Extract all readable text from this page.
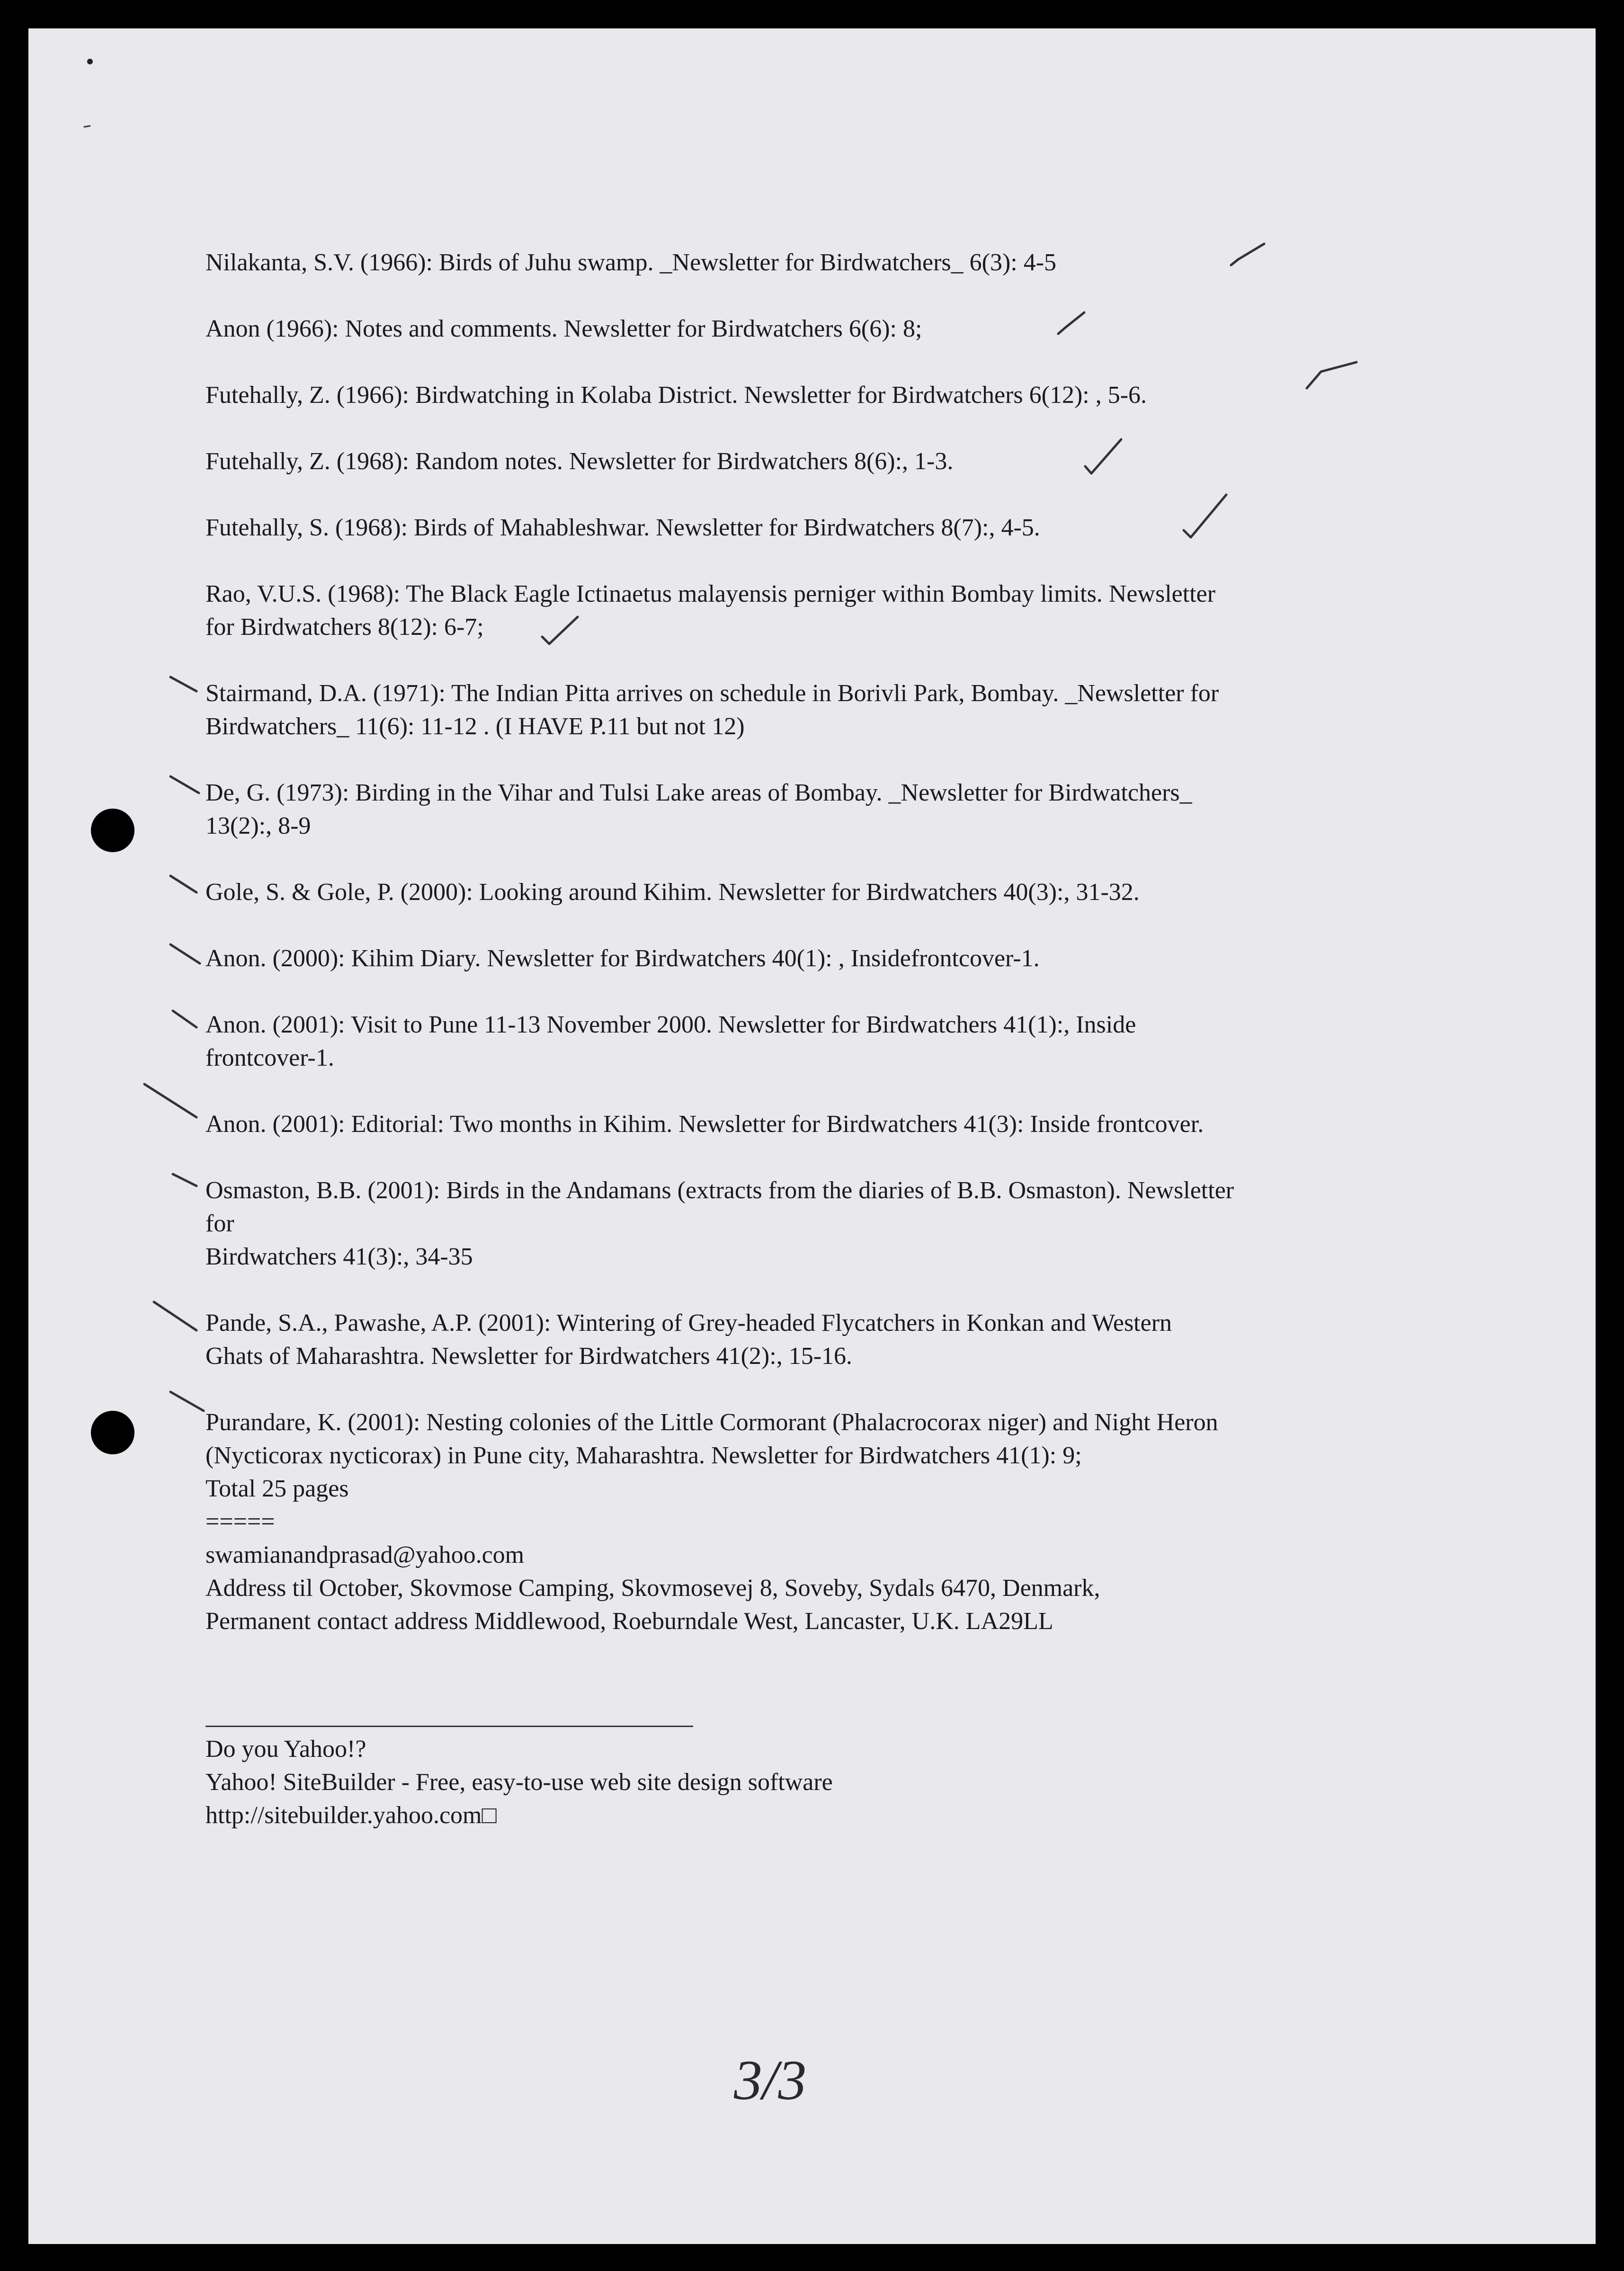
Nilakanta, S.V. (1966): Birds of Juhu swamp. _Newsletter for Birdwatchers_ 6(3): 4-5
Anon (1966): Notes and comments. Newsletter for Birdwatchers 6(6): 8;
Futehally, Z. (1966): Birdwatching in Kolaba District. Newsletter for Birdwatchers 6(12): , 5-6.
Futehally, Z. (1968): Random notes. Newsletter for Birdwatchers 8(6):, 1-3.
Futehally, S. (1968): Birds of Mahableshwar. Newsletter for Birdwatchers 8(7):, 4-5.
Rao, V.U.S. (1968): The Black Eagle Ictinaetus malayensis perniger within Bombay limits. Newsletter
for Birdwatchers 8(12): 6-7;
Stairmand, D.A. (1971): The Indian Pitta arrives on schedule in Borivli Park, Bombay. _Newsletter for
Birdwatchers_ 11(6): 11-12 . (I HAVE P.11 but not 12)
De, G. (1973): Birding in the Vihar and Tulsi Lake areas of Bombay. _Newsletter for Birdwatchers_
13(2):, 8-9
Gole, S. & Gole, P. (2000): Looking around Kihim. Newsletter for Birdwatchers 40(3):, 31-32.
Anon. (2000): Kihim Diary. Newsletter for Birdwatchers 40(1): , Insidefrontcover-1.
Anon. (2001): Visit to Pune 11-13 November 2000. Newsletter for Birdwatchers 41(1):, Inside
frontcover-1.
Anon. (2001): Editorial: Two months in Kihim. Newsletter for Birdwatchers 41(3): Inside frontcover.
Osmaston, B.B. (2001): Birds in the Andamans (extracts from the diaries of B.B. Osmaston). Newsletter
for
Birdwatchers 41(3):, 34-35
Pande, S.A., Pawashe, A.P. (2001): Wintering of Grey-headed Flycatchers in Konkan and Western
Ghats of Maharashtra. Newsletter for Birdwatchers 41(2):, 15-16.
Purandare, K. (2001): Nesting colonies of the Little Cormorant (Phalacrocorax niger) and Night Heron
(Nycticorax nycticorax) in Pune city, Maharashtra. Newsletter for Birdwatchers 41(1): 9;
Total 25 pages
=====
swamianandprasad@yahoo.com
Address til October, Skovmose Camping, Skovmosevej 8, Soveby, Sydals 6470, Denmark,
Permanent contact address Middlewood, Roeburndale West, Lancaster, U.K. LA29LL
Do you Yahoo!?
Yahoo! SiteBuilder - Free, easy-to-use web site design software
http://sitebuilder.yahoo.com□
3/3
